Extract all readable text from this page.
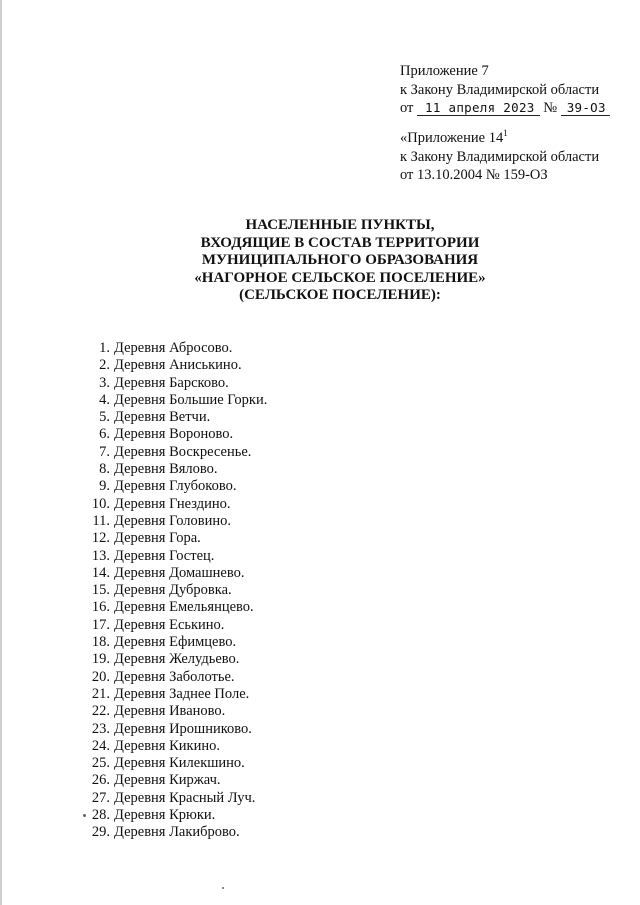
Приложение 7
к Закону Владимирской области
от 11 апреля 2023 № 39-ОЗ
«Приложение $14^1$
к Закону Владимирской области
от 13.10.2004 № 159-ОЗ
НАСЕЛЕННЫЕ ПУНКТЫ,
ВХОДЯЩИЕ В СОСТАВ ТЕРРИТОРИИ
МУНИЦИПАЛЬНОГО ОБРАЗОВАНИЯ
«НАГОРНОЕ СЕЛЬСКОЕ ПОСЕЛЕНИЕ»
(СЕЛЬСКОЕ ПОСЕЛЕНИЕ):
1. Деревня Абросово.
2. Деревня Аниськино.
3. Деревня Барсково.
4. Деревня Большие Горки.
5. Деревня Ветчи.
6. Деревня Вороново.
7. Деревня Воскресенье.
8. Деревня Вялово.
9. Деревня Глубоково.
10. Деревня Гнездино.
11. Деревня Головино.
12. Деревня Гора.
13. Деревня Гостец.
14. Деревня Домашнево.
15. Деревня Дубровка.
16. Деревня Емельянцево.
17. Деревня Еськино.
18. Деревня Ефимцево.
19. Деревня Желудьево.
20. Деревня Заболотье.
21. Деревня Заднее Поле.
22. Деревня Иваново.
23. Деревня Ирошниково.
24. Деревня Кикино.
25. Деревня Килекшино.
26. Деревня Киржач.
27. Деревня Красный Луч.
28. Деревня Крюки.
29. Деревня Лакиброво.
